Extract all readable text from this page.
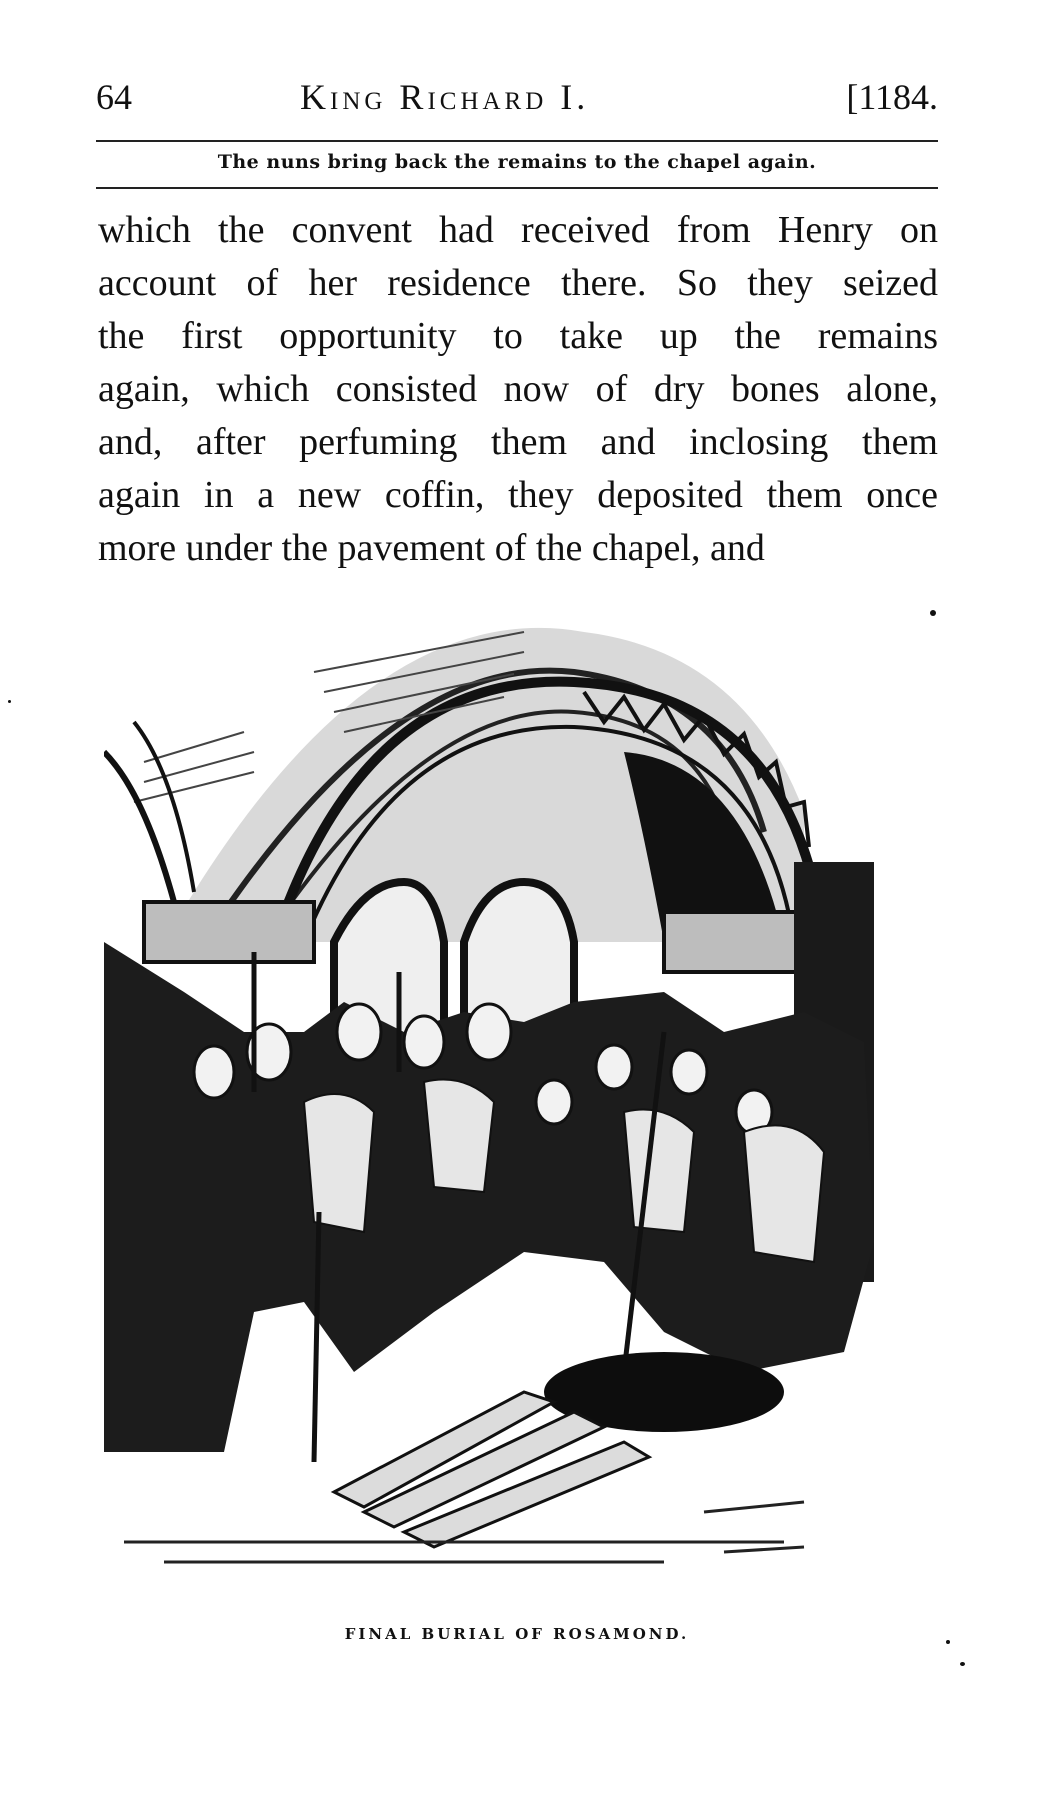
64	King Richard I.	[1184.
The nuns bring back the remains to the chapel again.
which the convent had received from Henry on
account of her residence there. So they seized
the first opportunity to take up the remains
again, which consisted now of dry bones alone,
and, after perfuming them and inclosing them
again in a new coffin, they deposited them once
more under the pavement of the chapel, and
FINAL BURIAL OF ROSAMOND.
